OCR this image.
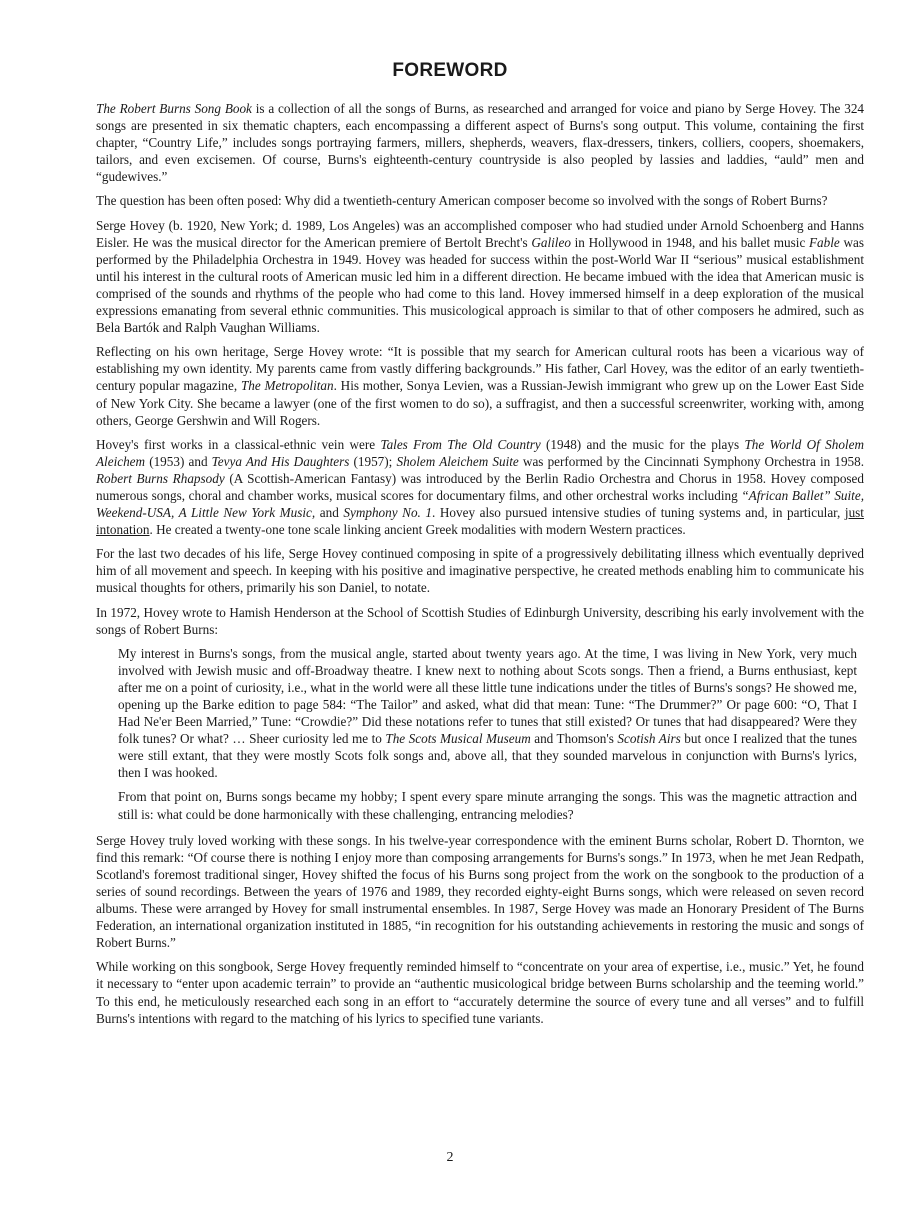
FOREWORD

The Robert Burns Song Book is a collection of all the songs of Burns, as researched and arranged for voice and piano by Serge Hovey. The 324 songs are presented in six thematic chapters, each encompassing a different aspect of Burns's song output. This volume, containing the first chapter, “Country Life,” includes songs portraying farmers, millers, shepherds, weavers, flax-dressers, tinkers, colliers, coopers, shoemakers, tailors, and even excisemen. Of course, Burns's eighteenth-century countryside is also peopled by lassies and laddies, “auld” men and “gudewives.”

The question has been often posed: Why did a twentieth-century American composer become so involved with the songs of Robert Burns?

Serge Hovey (b. 1920, New York; d. 1989, Los Angeles) was an accomplished composer who had studied under Arnold Schoenberg and Hanns Eisler. He was the musical director for the American premiere of Bertolt Brecht's Galileo in Hollywood in 1948, and his ballet music Fable was performed by the Philadelphia Orchestra in 1949. Hovey was headed for success within the post-World War II “serious” musical establishment until his interest in the cultural roots of American music led him in a different direction. He became imbued with the idea that American music is comprised of the sounds and rhythms of the people who had come to this land. Hovey immersed himself in a deep exploration of the musical expressions emanating from several ethnic communities. This musicological approach is similar to that of other composers he admired, such as Bela Bartók and Ralph Vaughan Williams.

Reflecting on his own heritage, Serge Hovey wrote: “It is possible that my search for American cultural roots has been a vicarious way of establishing my own identity. My parents came from vastly differing backgrounds.” His father, Carl Hovey, was the editor of an early twentieth-century popular magazine, The Metropolitan. His mother, Sonya Levien, was a Russian-Jewish immigrant who grew up on the Lower East Side of New York City. She became a lawyer (one of the first women to do so), a suffragist, and then a successful screenwriter, working with, among others, George Gershwin and Will Rogers.

Hovey's first works in a classical-ethnic vein were Tales From The Old Country (1948) and the music for the plays The World Of Sholem Aleichem (1953) and Tevya And His Daughters (1957); Sholem Aleichem Suite was performed by the Cincinnati Symphony Orchestra in 1958. Robert Burns Rhapsody (A Scottish-American Fantasy) was introduced by the Berlin Radio Orchestra and Chorus in 1958. Hovey composed numerous songs, choral and chamber works, musical scores for documentary films, and other orchestral works including “African Ballet” Suite, Weekend-USA, A Little New York Music, and Symphony No. 1. Hovey also pursued intensive studies of tuning systems and, in particular, just intonation. He created a twenty-one tone scale linking ancient Greek modalities with modern Western practices.

For the last two decades of his life, Serge Hovey continued composing in spite of a progressively debilitating illness which eventually deprived him of all movement and speech. In keeping with his positive and imaginative perspective, he created methods enabling him to communicate his musical thoughts for others, primarily his son Daniel, to notate.

In 1972, Hovey wrote to Hamish Henderson at the School of Scottish Studies of Edinburgh University, describing his early involvement with the songs of Robert Burns:

My interest in Burns's songs, from the musical angle, started about twenty years ago. At the time, I was living in New York, very much involved with Jewish music and off-Broadway theatre. I knew next to nothing about Scots songs. Then a friend, a Burns enthusiast, kept after me on a point of curiosity, i.e., what in the world were all these little tune indications under the titles of Burns's songs? He showed me, opening up the Barke edition to page 584: “The Tailor” and asked, what did that mean: Tune: “The Drummer?” Or page 600: “O, That I Had Ne'er Been Married,” Tune: “Crowdie?” Did these notations refer to tunes that still existed? Or tunes that had disappeared? Were they folk tunes? Or what? … Sheer curiosity led me to The Scots Musical Museum and Thomson's Scotish Airs but once I realized that the tunes were still extant, that they were mostly Scots folk songs and, above all, that they sounded marvelous in conjunction with Burns's lyrics, then I was hooked.

From that point on, Burns songs became my hobby; I spent every spare minute arranging the songs. This was the magnetic attraction and still is: what could be done harmonically with these challenging, entrancing melodies?

Serge Hovey truly loved working with these songs. In his twelve-year correspondence with the eminent Burns scholar, Robert D. Thornton, we find this remark: “Of course there is nothing I enjoy more than composing arrangements for Burns's songs.” In 1973, when he met Jean Redpath, Scotland's foremost traditional singer, Hovey shifted the focus of his Burns song project from the work on the songbook to the production of a series of sound recordings. Between the years of 1976 and 1989, they recorded eighty-eight Burns songs, which were released on seven record albums. These were arranged by Hovey for small instrumental ensembles. In 1987, Serge Hovey was made an Honorary President of The Burns Federation, an international organization instituted in 1885, “in recognition for his outstanding achievements in restoring the music and songs of Robert Burns.”

While working on this songbook, Serge Hovey frequently reminded himself to “concentrate on your area of expertise, i.e., music.” Yet, he found it necessary to “enter upon academic terrain” to provide an “authentic musicological bridge between Burns scholarship and the teeming world.” To this end, he meticulously researched each song in an effort to “accurately determine the source of every tune and all verses” and to fulfill Burns's intentions with regard to the matching of his lyrics to specified tune variants.

2
